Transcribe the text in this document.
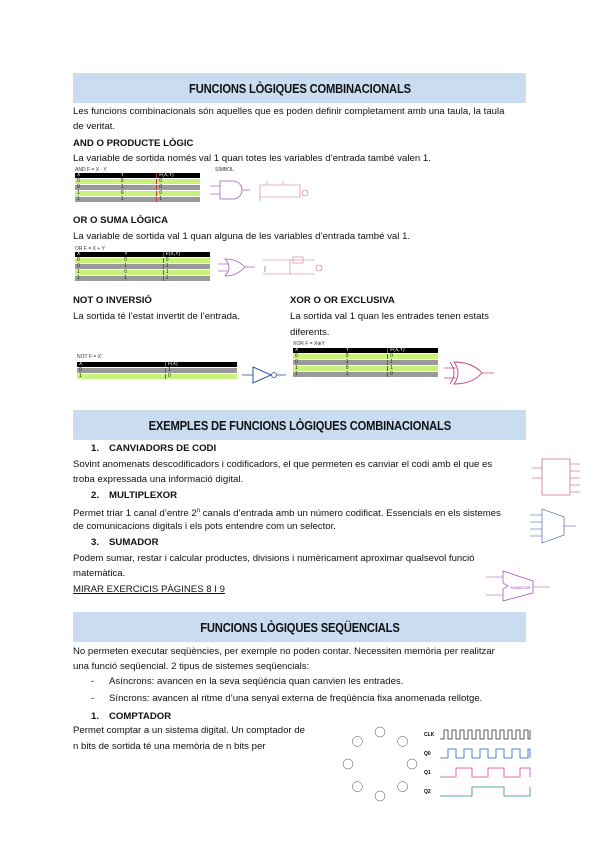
FUNCIONS LÒGIQUES COMBINACIONALS
Les funcions combinacionals són aquelles que es poden definir completament amb una taula, la taula
de veritat.
AND O PRODUCTE LÒGIC
La variable de sortida només val 1 quan totes les variables d’entrada també valen 1.
AND F = X · Y
X	Y	F(X,Y)
0	0	0
0	1	0
1	0	0
1	1	1
SÍMBOL
OR O SUMA LÒGICA
La variable de sortida val 1 quan alguna de les variables d’entrada també val 1.
OR F = X + Y
X	Y	F(X,Y)
0	0	0
0	1	1
1	0	1
1	1	1
NOT O INVERSIÓ
La sortida té l’estat invertit de l’entrada.
XOR O OR EXCLUSIVA
La sortida val 1 quan les entrades tenen estats
diferents.
NOT F = X'
X	F(X)
0	1
1	0
XOR F = X⊕Y
X	Y	F(X,Y)
0	0	0
0	1	1
1	0	1
1	1	0
EXEMPLES DE FUNCIONS LÒGIQUES COMBINACIONALS
1. CANVIADORS DE CODI
Sovint anomenats descodificadors i codificadors, el que permeten es canviar el codi amb el que es
troba expressada una informació digital.
2. MULTIPLEXOR
Permet triar 1 canal d’entre 2$^n$ canals d’entrada amb un número codificat. Essencials en els sistemes
de comunicacions digitals i els pots entendre com un selector.
3. SUMADOR
Podem sumar, restar i calcular productes, divisions i numèricament aproximar qualsevol funció
matemàtica.
MIRAR EXERCICIS PÀGINES 8 I 9	SUMADOR
FUNCIONS LÒGIQUES SEQÜENCIALS
No permeten executar seqüències, per exemple no poden contar. Necessiten memòria per realitzar
una funció seqüencial. 2 tipus de sistemes seqüencials:
- Asíncrons: avancen en la seva seqüència quan canvien les entrades.
- Síncrons: avancen al ritme d’una senyal externa de freqüència fixa anomenada rellotge.
1. COMPTADOR
Permet comptar a un sistema digital. Un comptador de
n bits de sortida té una memòria de n bits per
CLK
Q0
Q1
Q2
